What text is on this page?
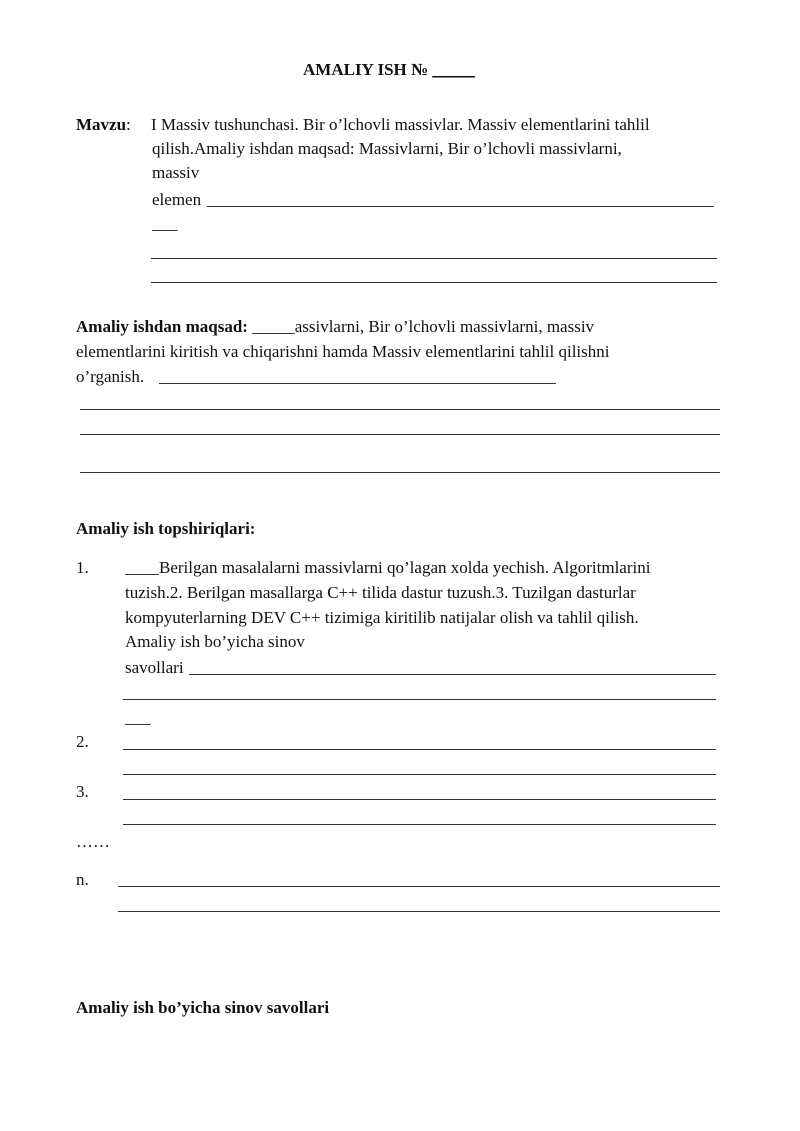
AMALIY ISH № _____
Mavzu: I Massiv tushunchasi. Bir o’lchovli massivlar. Massiv elementlarini tahlil
qilish.Amaliy ishdan maqsad: Massivlarni, Bir o’lchovli massivlarni,
massiv
elemen
___
Amaliy ishdan maqsad: _____assivlarni, Bir o’lchovli massivlarni, massiv
elementlarini kiritish va chiqarishni hamda Massiv elementlarini tahlil qilishni
o’rganish.
Amaliy ish topshiriqlari:
1. ____Berilgan masalalarni massivlarni qo’lagan xolda yechish. Algoritmlarini
tuzish.2. Berilgan masallarga C++ tilida dastur tuzush.3. Tuzilgan dasturlar
kompyuterlarning DEV C++ tizimiga kiritilib natijalar olish va tahlil qilish.
Amaliy ish bo’yicha sinov
savollari
___
2.
3.
……
n.
Amaliy ish bo’yicha sinov savollari
